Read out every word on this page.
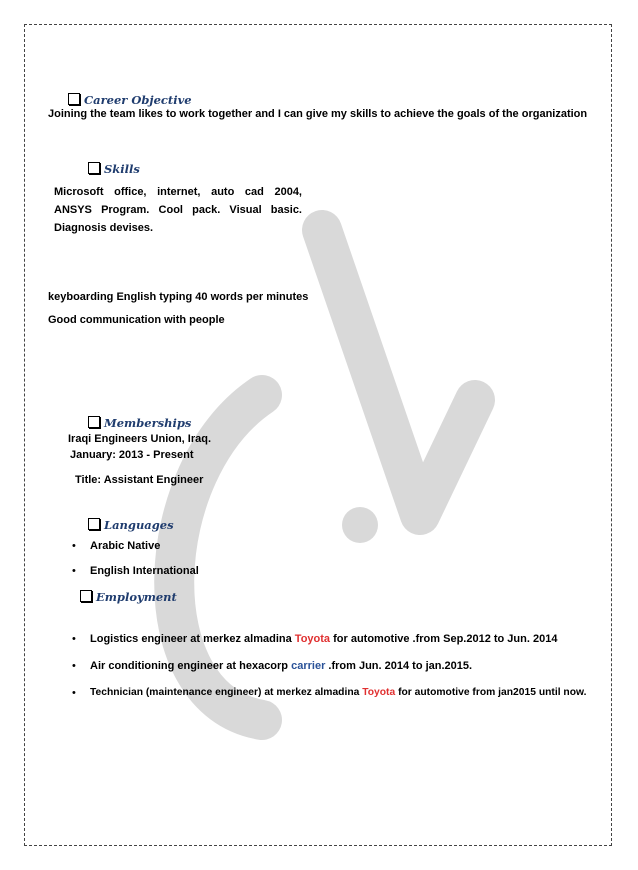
Career Objective
Joining the team likes to work together and I can give my skills to achieve the goals of the organization
Skills
Microsoft office, internet, auto cad 2004, ANSYS Program. Cool pack. Visual basic. Diagnosis devises.
keyboarding English typing 40 words per minutes
Good communication with people
Memberships
Iraqi Engineers Union, Iraq.
January: 2013 - Present
Title: Assistant Engineer
Languages
• Arabic Native
• English International
Employment
• Logistics engineer at merkez almadina Toyota for automotive .from Sep.2012 to Jun. 2014
• Air conditioning engineer at hexacorp carrier .from Jun. 2014 to jan.2015.
• Technician (maintenance engineer) at merkez almadina Toyota for automotive from jan2015 until now.
